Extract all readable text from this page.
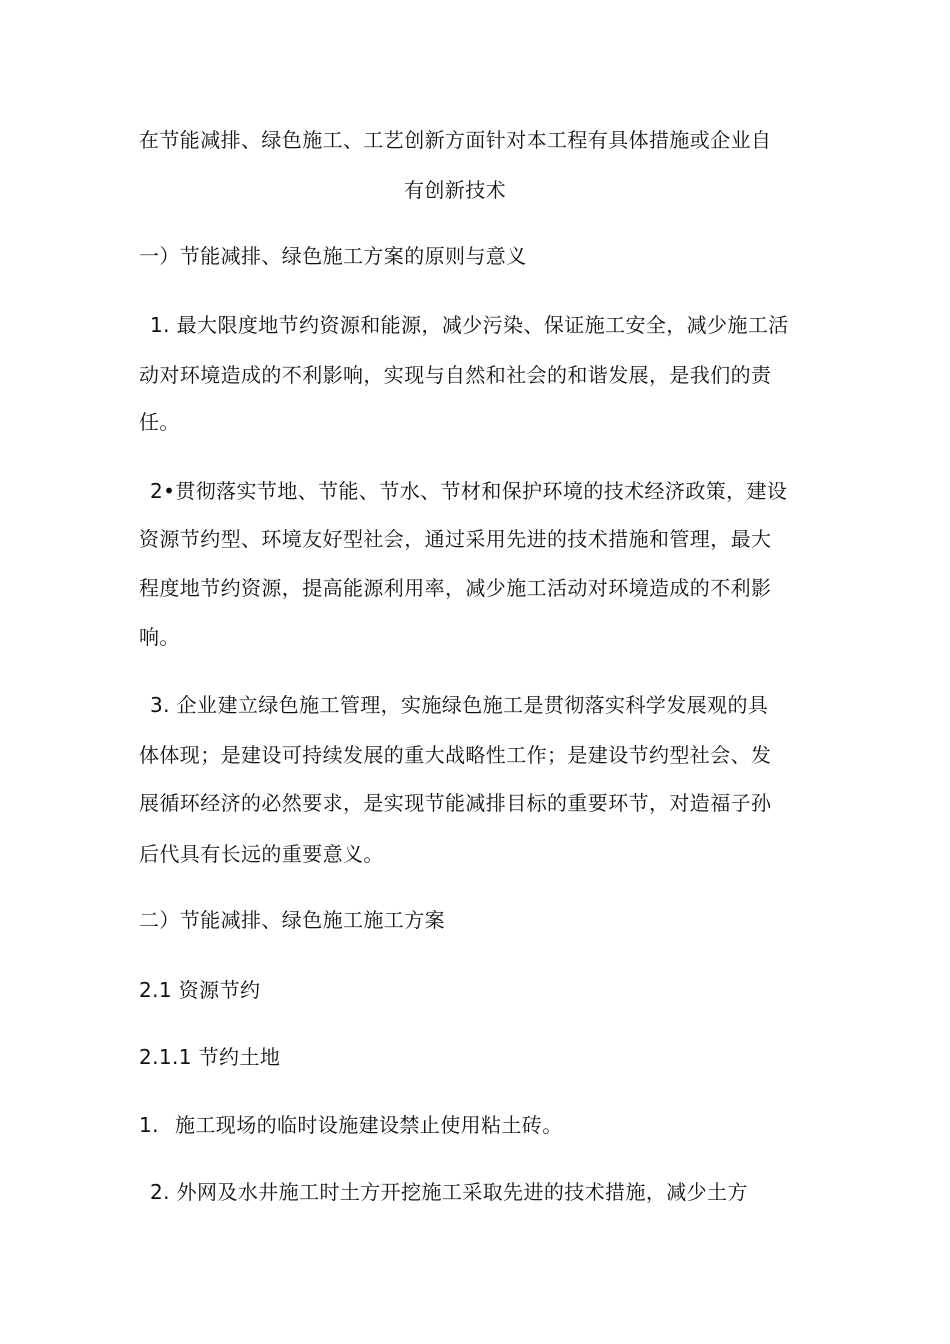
在节能减排、绿色施工、工艺创新方面针对本工程有具体措施或企业自
有创新技术
一）节能减排、绿色施工方案的原则与意义
1. 最大限度地节约资源和能源，减少污染、保证施工安全，减少施工活
动对环境造成的不利影响，实现与自然和社会的和谐发展，是我们的责
任。
2•贯彻落实节地、节能、节水、节材和保护环境的技术经济政策，建设
资源节约型、环境友好型社会，通过采用先进的技术措施和管理，最大
程度地节约资源，提高能源利用率，减少施工活动对环境造成的不利影
响。
3. 企业建立绿色施工管理，实施绿色施工是贯彻落实科学发展观的具
体体现；是建设可持续发展的重大战略性工作；是建设节约型社会、发
展循环经济的必然要求，是实现节能减排目标的重要环节，对造福子孙
后代具有长远的重要意义。
二）节能减排、绿色施工施工方案
2.1 资源节约
2.1.1 节约土地
1. 施工现场的临时设施建设禁止使用粘土砖。
2. 外网及水井施工时土方开挖施工采取先进的技术措施，减少土方
